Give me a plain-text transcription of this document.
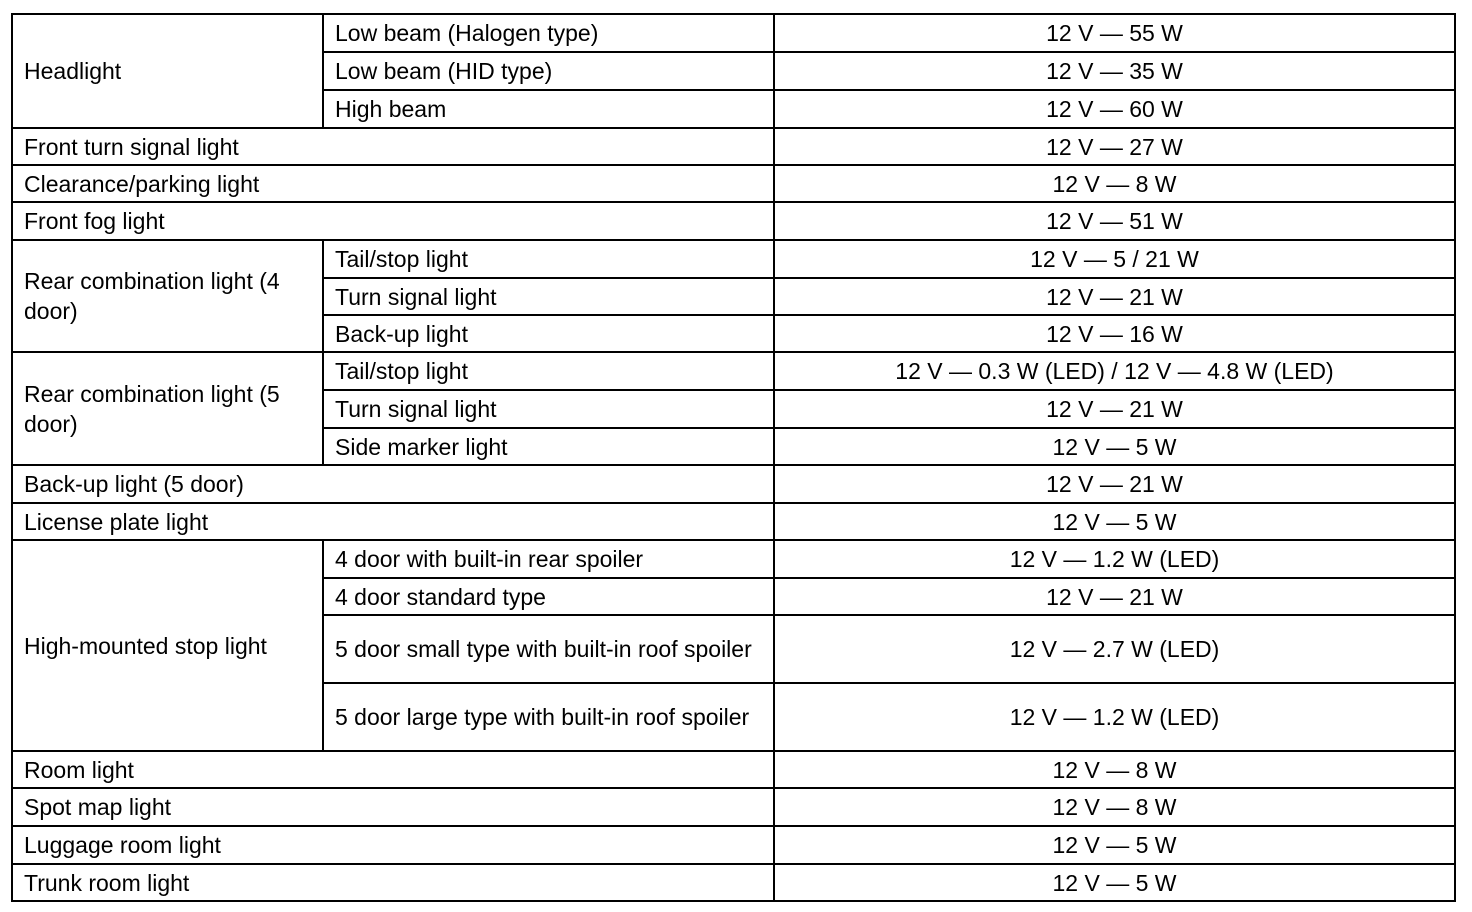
Headlight	Low beam (Halogen type)	12 V — 55 W
	Low beam (HID type)	12 V — 35 W
	High beam	12 V — 60 W
Front turn signal light		12 V — 27 W
Clearance/parking light		12 V — 8 W
Front fog light		12 V — 51 W
Rear combination light (4 door)	Tail/stop light	12 V — 5 / 21 W
	Turn signal light	12 V — 21 W
	Back-up light	12 V — 16 W
Rear combination light (5 door)	Tail/stop light	12 V — 0.3 W (LED) / 12 V — 4.8 W (LED)
	Turn signal light	12 V — 21 W
	Side marker light	12 V — 5 W
Back-up light (5 door)		12 V — 21 W
License plate light		12 V — 5 W
High-mounted stop light	4 door with built-in rear spoiler	12 V — 1.2 W (LED)
	4 door standard type	12 V — 21 W
	5 door small type with built-in roof spoiler	12 V — 2.7 W (LED)
	5 door large type with built-in roof spoiler	12 V — 1.2 W (LED)
Room light		12 V — 8 W
Spot map light		12 V — 8 W
Luggage room light		12 V — 5 W
Trunk room light		12 V — 5 W
